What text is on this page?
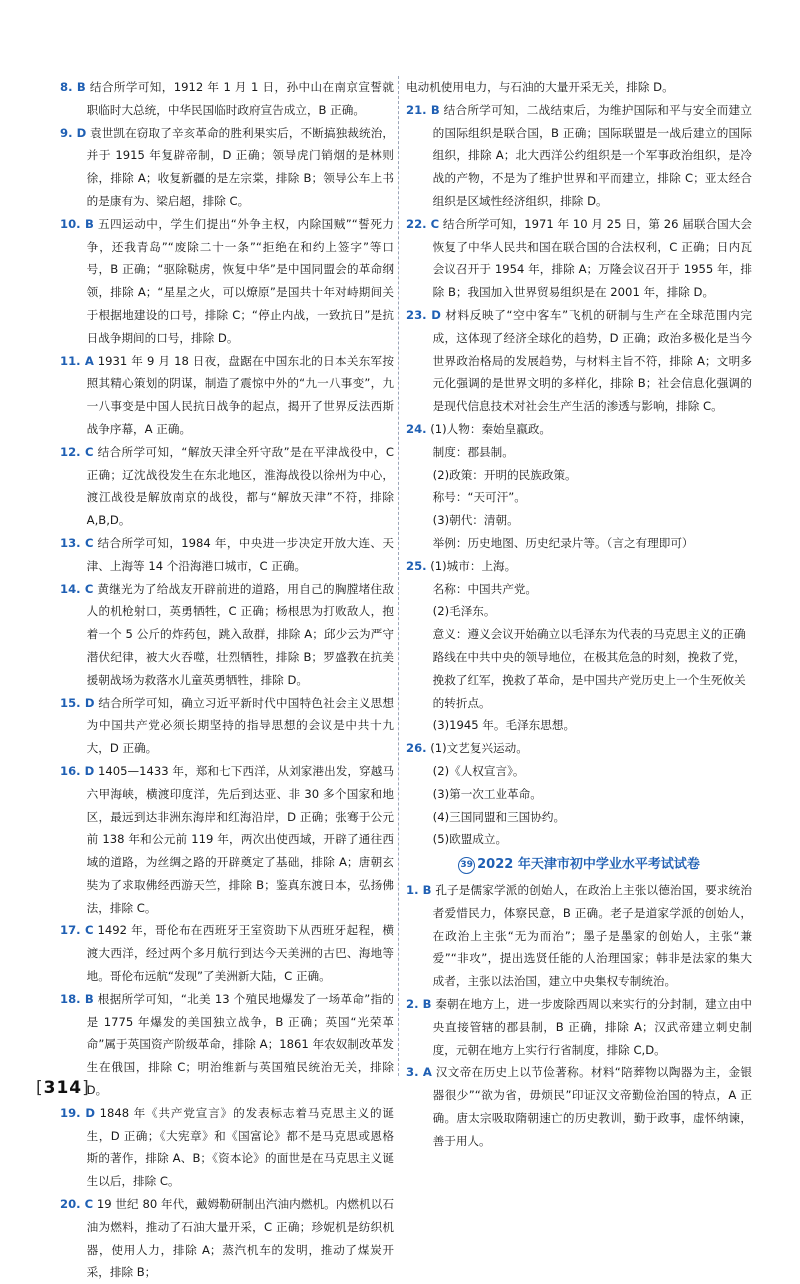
8. B 结合所学可知，1912 年 1 月 1 日，孙中山在南京宣誓就职临时大总统，中华民国临时政府宣告成立，B 正确。

9. D 袁世凯在窃取了辛亥革命的胜利果实后，不断搞独裁统治，并于 1915 年复辟帝制，D 正确；领导虎门销烟的是林则徐，排除 A；收复新疆的是左宗棠，排除 B；领导公车上书的是康有为、梁启超，排除 C。

10. B 五四运动中，学生们提出“外争主权，内除国贼”“誓死力争，还我青岛”“废除二十一条”“拒绝在和约上签字”等口号，B 正确；“驱除鞑虏，恢复中华”是中国同盟会的革命纲领，排除 A；“星星之火，可以燎原”是国共十年对峙期间关于根据地建设的口号，排除 C；“停止内战，一致抗日”是抗日战争期间的口号，排除 D。

11. A 1931 年 9 月 18 日夜，盘踞在中国东北的日本关东军按照其精心策划的阴谋，制造了震惊中外的“九一八事变”，九一八事变是中国人民抗日战争的起点，揭开了世界反法西斯战争序幕，A 正确。

12. C 结合所学可知，“解放天津全歼守敌”是在平津战役中，C 正确；辽沈战役发生在东北地区，淮海战役以徐州为中心，渡江战役是解放南京的战役，都与“解放天津”不符，排除 A,B,D。

13. C 结合所学可知，1984 年，中央进一步决定开放大连、天津、上海等 14 个沿海港口城市，C 正确。

14. C 黄继光为了给战友开辟前进的道路，用自己的胸膛堵住敌人的机枪射口，英勇牺牲，C 正确；杨根思为打败敌人，抱着一个 5 公斤的炸药包，跳入敌群，排除 A；邱少云为严守潜伏纪律，被大火吞噬，壮烈牺牲，排除 B；罗盛教在抗美援朝战场为救落水儿童英勇牺牲，排除 D。

15. D 结合所学可知，确立习近平新时代中国特色社会主义思想为中国共产党必须长期坚持的指导思想的会议是中共十九大，D 正确。

16. D 1405—1433 年，郑和七下西洋，从刘家港出发，穿越马六甲海峡，横渡印度洋，先后到达亚、非 30 多个国家和地区，最远到达非洲东海岸和红海沿岸，D 正确；张骞于公元前 138 年和公元前 119 年，两次出使西域，开辟了通往西域的道路，为丝绸之路的开辟奠定了基础，排除 A；唐朝玄奘为了求取佛经西游天竺，排除 B；鉴真东渡日本，弘扬佛法，排除 C。

17. C 1492 年，哥伦布在西班牙王室资助下从西班牙起程，横渡大西洋，经过两个多月航行到达今天美洲的古巴、海地等地。哥伦布远航“发现”了美洲新大陆，C 正确。

18. B 根据所学可知，“北美 13 个殖民地爆发了一场革命”指的是 1775 年爆发的美国独立战争，B 正确；英国“光荣革命”属于英国资产阶级革命，排除 A；1861 年农奴制改革发生在俄国，排除 C；明治维新与英国殖民统治无关，排除 D。

19. D 1848 年《共产党宣言》的发表标志着马克思主义的诞生，D 正确；《大宪章》和《国富论》都不是马克思或恩格斯的著作，排除 A、B；《资本论》的面世是在马克思主义诞生以后，排除 C。

20. C 19 世纪 80 年代，戴姆勒研制出汽油内燃机。内燃机以石油为燃料，推动了石油大量开采，C 正确；珍妮机是纺织机器，使用人力，排除 A；蒸汽机车的发明，推动了煤炭开采，排除 B；

电动机使用电力，与石油的大量开采无关，排除 D。

21. B 结合所学可知，二战结束后，为维护国际和平与安全而建立的国际组织是联合国，B 正确；国际联盟是一战后建立的国际组织，排除 A；北大西洋公约组织是一个军事政治组织，是冷战的产物，不是为了维护世界和平而建立，排除 C；亚太经合组织是区域性经济组织，排除 D。

22. C 结合所学可知，1971 年 10 月 25 日，第 26 届联合国大会恢复了中华人民共和国在联合国的合法权利，C 正确；日内瓦会议召开于 1954 年，排除 A；万隆会议召开于 1955 年，排除 B；我国加入世界贸易组织是在 2001 年，排除 D。

23. D 材料反映了“空中客车”飞机的研制与生产在全球范围内完成，这体现了经济全球化的趋势，D 正确；政治多极化是当今世界政治格局的发展趋势，与材料主旨不符，排除 A；文明多元化强调的是世界文明的多样化，排除 B；社会信息化强调的是现代信息技术对社会生产生活的渗透与影响，排除 C。

24. (1)人物：秦始皇嬴政。

制度：郡县制。

(2)政策：开明的民族政策。

称号：“天可汗”。

(3)朝代：清朝。

举例：历史地图、历史纪录片等。（言之有理即可）

25. (1)城市：上海。

名称：中国共产党。

(2)毛泽东。

意义：遵义会议开始确立以毛泽东为代表的马克思主义的正确路线在中共中央的领导地位，在极其危急的时刻，挽救了党，挽救了红军，挽救了革命，是中国共产党历史上一个生死攸关的转折点。

(3)1945 年。毛泽东思想。

26. (1)文艺复兴运动。

(2)《人权宣言》。

(3)第一次工业革命。

(4)三国同盟和三国协约。

(5)欧盟成立。

39 2022 年天津市初中学业水平考试试卷

1. B 孔子是儒家学派的创始人，在政治上主张以德治国，要求统治者爱惜民力，体察民意，B 正确。老子是道家学派的创始人，在政治上主张“无为而治”；墨子是墨家的创始人，主张“兼爱”“非攻”，提出选贤任能的人治理国家；韩非是法家的集大成者，主张以法治国，建立中央集权专制统治。

2. B 秦朝在地方上，进一步废除西周以来实行的分封制，建立由中央直接管辖的郡县制，B 正确，排除 A；汉武帝建立刺史制度，元朝在地方上实行行省制度，排除 C,D。

3. A 汉文帝在历史上以节俭著称。材料“陪葬物以陶器为主，金银器很少”“欲为省，毋烦民”印证汉文帝勤俭治国的特点，A 正确。唐太宗吸取隋朝速亡的历史教训，勤于政事，虚怀纳谏，善于用人。

[314]
